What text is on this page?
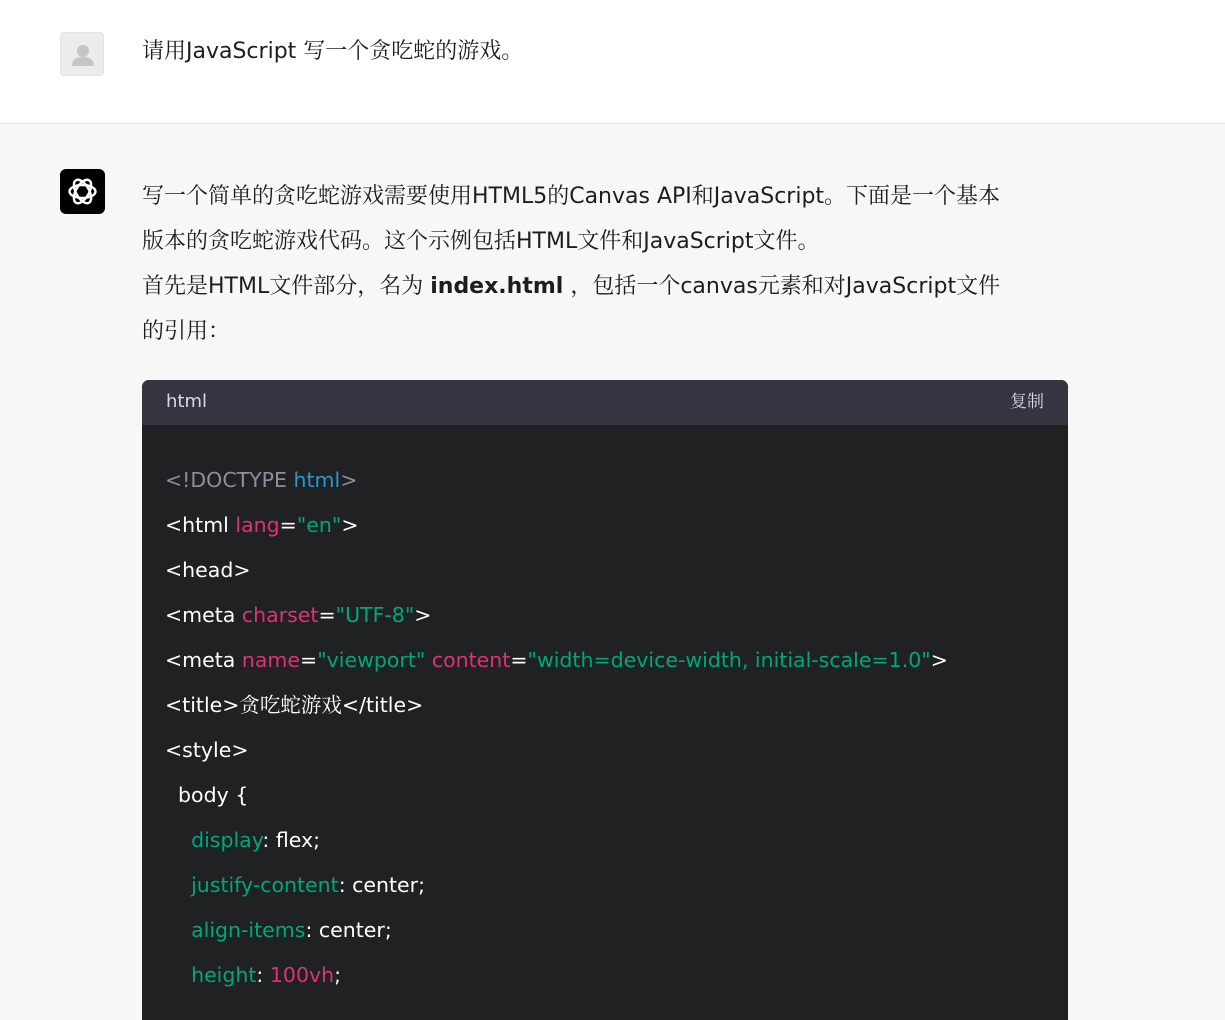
请用JavaScript 写一个贪吃蛇的游戏。

写一个简单的贪吃蛇游戏需要使用HTML5的Canvas API和JavaScript。下面是一个基本版本的贪吃蛇游戏代码。这个示例包括HTML文件和JavaScript文件。

首先是HTML文件部分，名为 index.html ，包括一个canvas元素和对JavaScript文件的引用：

html	复制
<!DOCTYPE html>
<html lang="en">
<head>
<meta charset="UTF-8">
<meta name="viewport" content="width=device-width, initial-scale=1.0">
<title>贪吃蛇游戏</title>
<style>
body {
display: flex;
justify-content: center;
align-items: center;
height: 100vh;
